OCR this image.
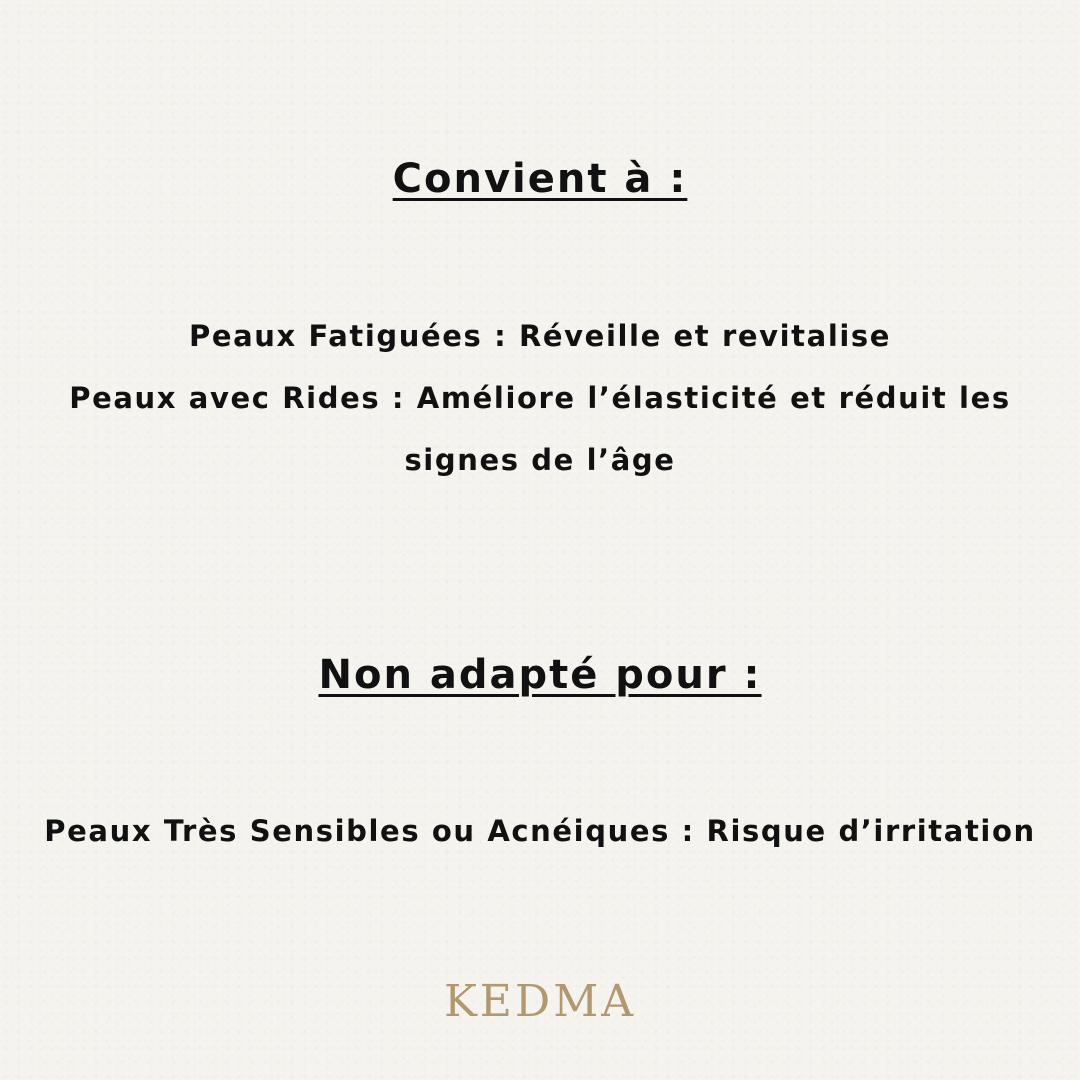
Convient à :

Peaux Fatiguées : Réveille et revitalise

Peaux avec Rides : Améliore l’élasticité et réduit les signes de l’âge

Non adapté pour :

Peaux Très Sensibles ou Acnéiques : Risque d’irritation

KEDMA
